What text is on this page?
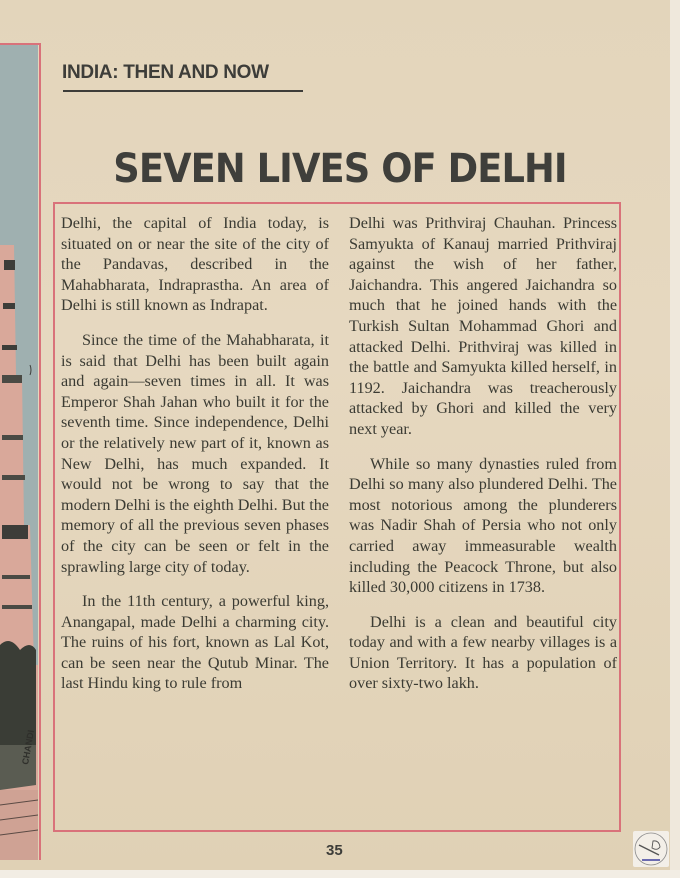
CHANDI
INDIA: THEN AND NOW
SEVEN LIVES OF DELHI

Delhi, the capital of India today, is situated on or near the site of the city of the Pandavas, described in the Mahabharata, Indraprastha. An area of Delhi is still known as Indrapat.

Since the time of the Mahabharata, it is said that Delhi has been built again and again—seven times in all. It was Emperor Shah Jahan who built it for the seventh time. Since independence, Delhi or the relatively new part of it, known as New Delhi, has much expanded. It would not be wrong to say that the modern Delhi is the eighth Delhi. But the memory of all the previous seven phases of the city can be seen or felt in the sprawling large city of today.

In the 11th century, a powerful king, Anangapal, made Delhi a charming city. The ruins of his fort, known as Lal Kot, can be seen near the Qutub Minar. The last Hindu king to rule from

Delhi was Prithviraj Chauhan. Princess Samyukta of Kanauj married Prithviraj against the wish of her father, Jaichandra. This angered Jaichandra so much that he joined hands with the Turkish Sultan Mohammad Ghori and attacked Delhi. Prithviraj was killed in the battle and Samyukta killed herself, in 1192. Jaichandra was treacherously attacked by Ghori and killed the very next year.

While so many dynasties ruled from Delhi so many also plundered Delhi. The most notorious among the plunderers was Nadir Shah of Persia who not only carried away immeasurable wealth including the Peacock Throne, but also killed 30,000 citizens in 1738.

Delhi is a clean and beautiful city today and with a few nearby villages is a Union Territory. It has a population of over sixty-two lakh.

35
